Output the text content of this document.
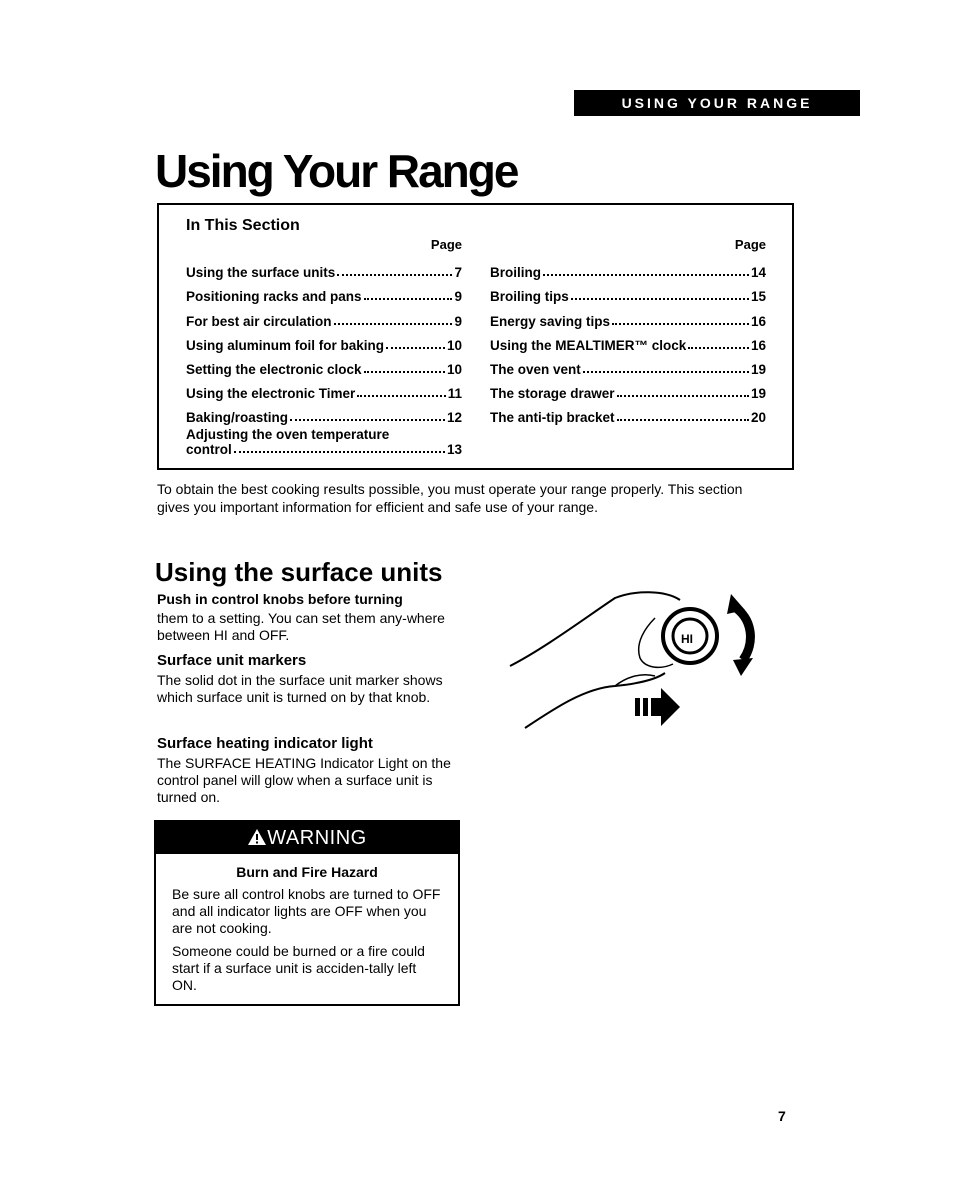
USING YOUR RANGE
Using Your Range
In This Section
Page
Using the surface units	7
Positioning racks and pans	9
For best air circulation	9
Using aluminum foil for baking	10
Setting the electronic clock	10
Using the electronic Timer	11
Baking/roasting	12
Adjusting the oven temperature
control	13
Page
Broiling	14
Broiling tips	15
Energy saving tips	16
Using the MEALTIMER™ clock	16
The oven vent	19
The storage drawer	19
The anti-tip bracket	20

To obtain the best cooking results possible, you must operate your range properly. This section gives you important information for efficient and safe use of your range.

Using the surface units
Push in control knobs before turning

them to a setting. You can set them any-where between HI and OFF.

Surface unit markers

The solid dot in the surface unit marker shows which surface unit is turned on by that knob.

Surface heating indicator light

The SURFACE HEATING Indicator Light on the control panel will glow when a surface unit is turned on.

HI
WARNING
Burn and Fire Hazard

Be sure all control knobs are turned to OFF and all indicator lights are OFF when you are not cooking.

Someone could be burned or a fire could start if a surface unit is acciden-tally left ON.

7
